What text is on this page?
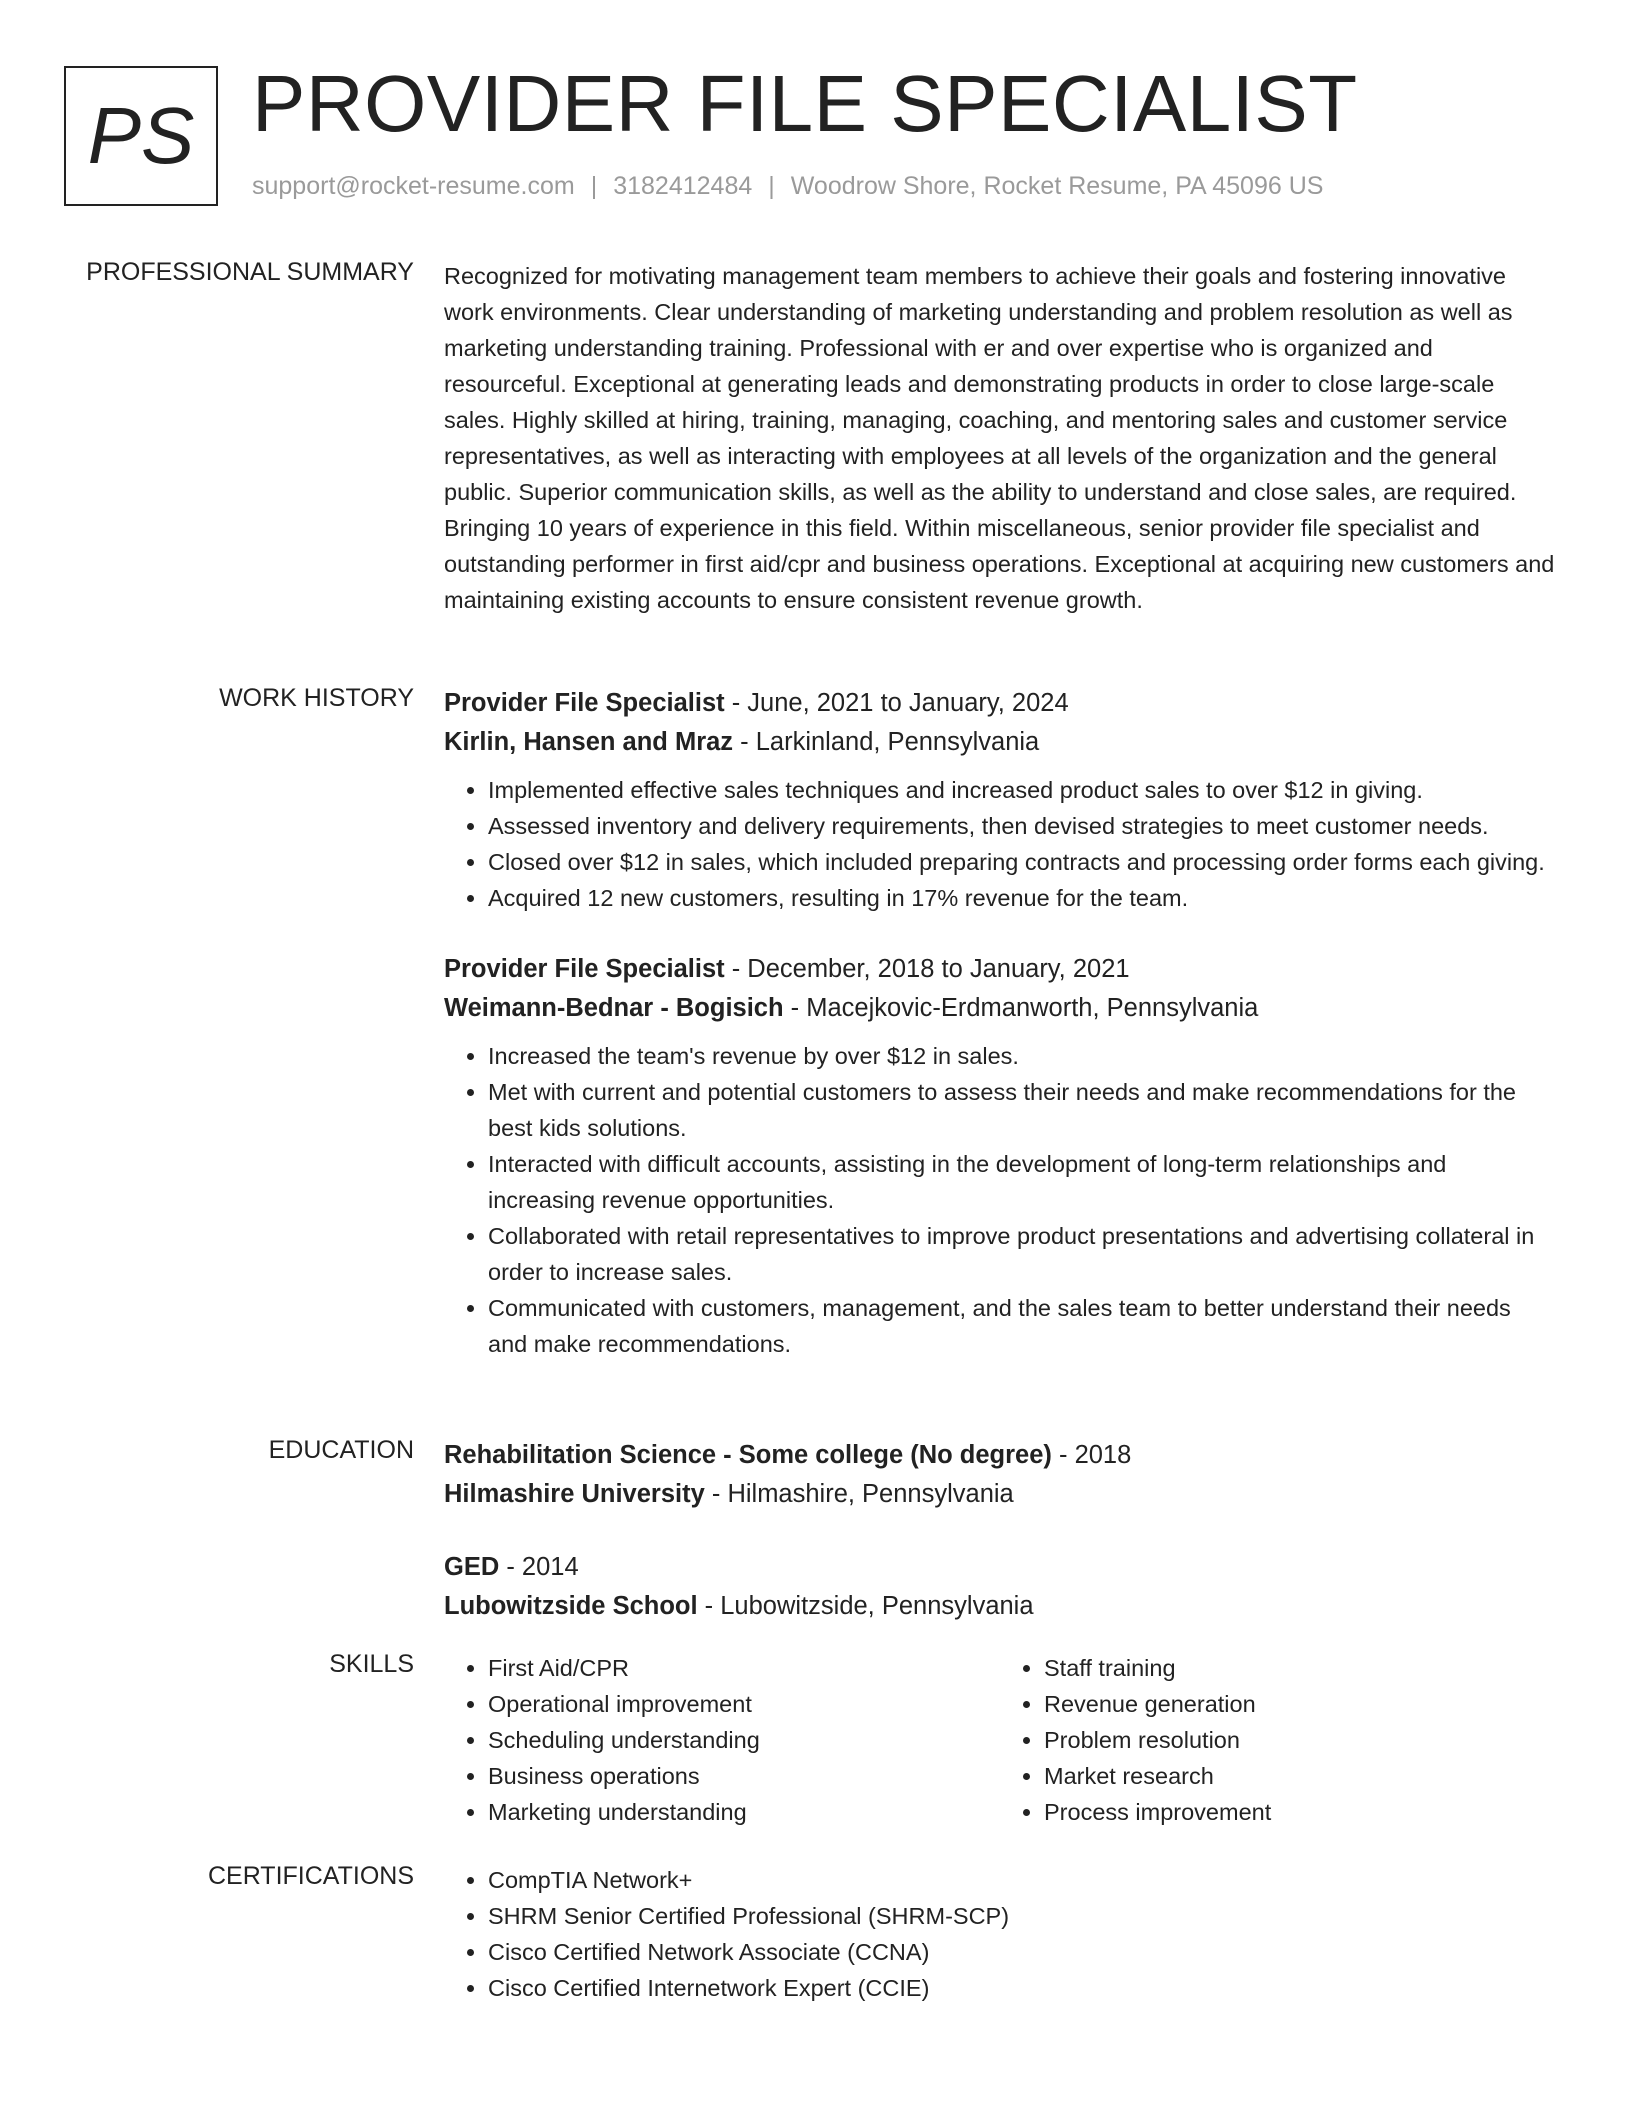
PS PROVIDER FILE SPECIALIST
support@rocket-resume.com | 3182412484 | Woodrow Shore, Rocket Resume, PA 45096 US
PROFESSIONAL SUMMARY Recognized for motivating management team members to achieve their goals and fostering innovative work environments. Clear understanding of marketing understanding and problem resolution as well as marketing understanding training. Professional with er and over expertise who is organized and resourceful. Exceptional at generating leads and demonstrating products in order to close large-scale sales. Highly skilled at hiring, training, managing, coaching, and mentoring sales and customer service representatives, as well as interacting with employees at all levels of the organization and the general public. Superior communication skills, as well as the ability to understand and close sales, are required. Bringing 10 years of experience in this field. Within miscellaneous, senior provider file specialist and outstanding performer in first aid/cpr and business operations. Exceptional at acquiring new customers and maintaining existing accounts to ensure consistent revenue growth.

WORK HISTORY Provider File Specialist - June, 2021 to January, 2024
Kirlin, Hansen and Mraz - Larkinland, Pennsylvania
• Implemented effective sales techniques and increased product sales to over $12 in giving.
• Assessed inventory and delivery requirements, then devised strategies to meet customer needs.
• Closed over $12 in sales, which included preparing contracts and processing order forms each giving.
• Acquired 12 new customers, resulting in 17% revenue for the team.
Provider File Specialist - December, 2018 to January, 2021
Weimann-Bednar - Bogisich - Macejkovic-Erdmanworth, Pennsylvania
• Increased the team's revenue by over $12 in sales.
• Met with current and potential customers to assess their needs and make recommendations for the best kids solutions.
• Interacted with difficult accounts, assisting in the development of long-term relationships and increasing revenue opportunities.
• Collaborated with retail representatives to improve product presentations and advertising collateral in order to increase sales.
• Communicated with customers, management, and the sales team to better understand their needs and make recommendations.
EDUCATION Rehabilitation Science - Some college (No degree) - 2018
Hilmashire University - Hilmashire, Pennsylvania
GED - 2014
Lubowitzside School - Lubowitzside, Pennsylvania
SKILLS	• First Aid/CPR
• Operational improvement
• Scheduling understanding
• Business operations
• Marketing understanding
• Staff training
• Revenue generation
• Problem resolution
• Market research
• Process improvement
CERTIFICATIONS	• CompTIA Network+
• SHRM Senior Certified Professional (SHRM-SCP)
• Cisco Certified Network Associate (CCNA)
• Cisco Certified Internetwork Expert (CCIE)
